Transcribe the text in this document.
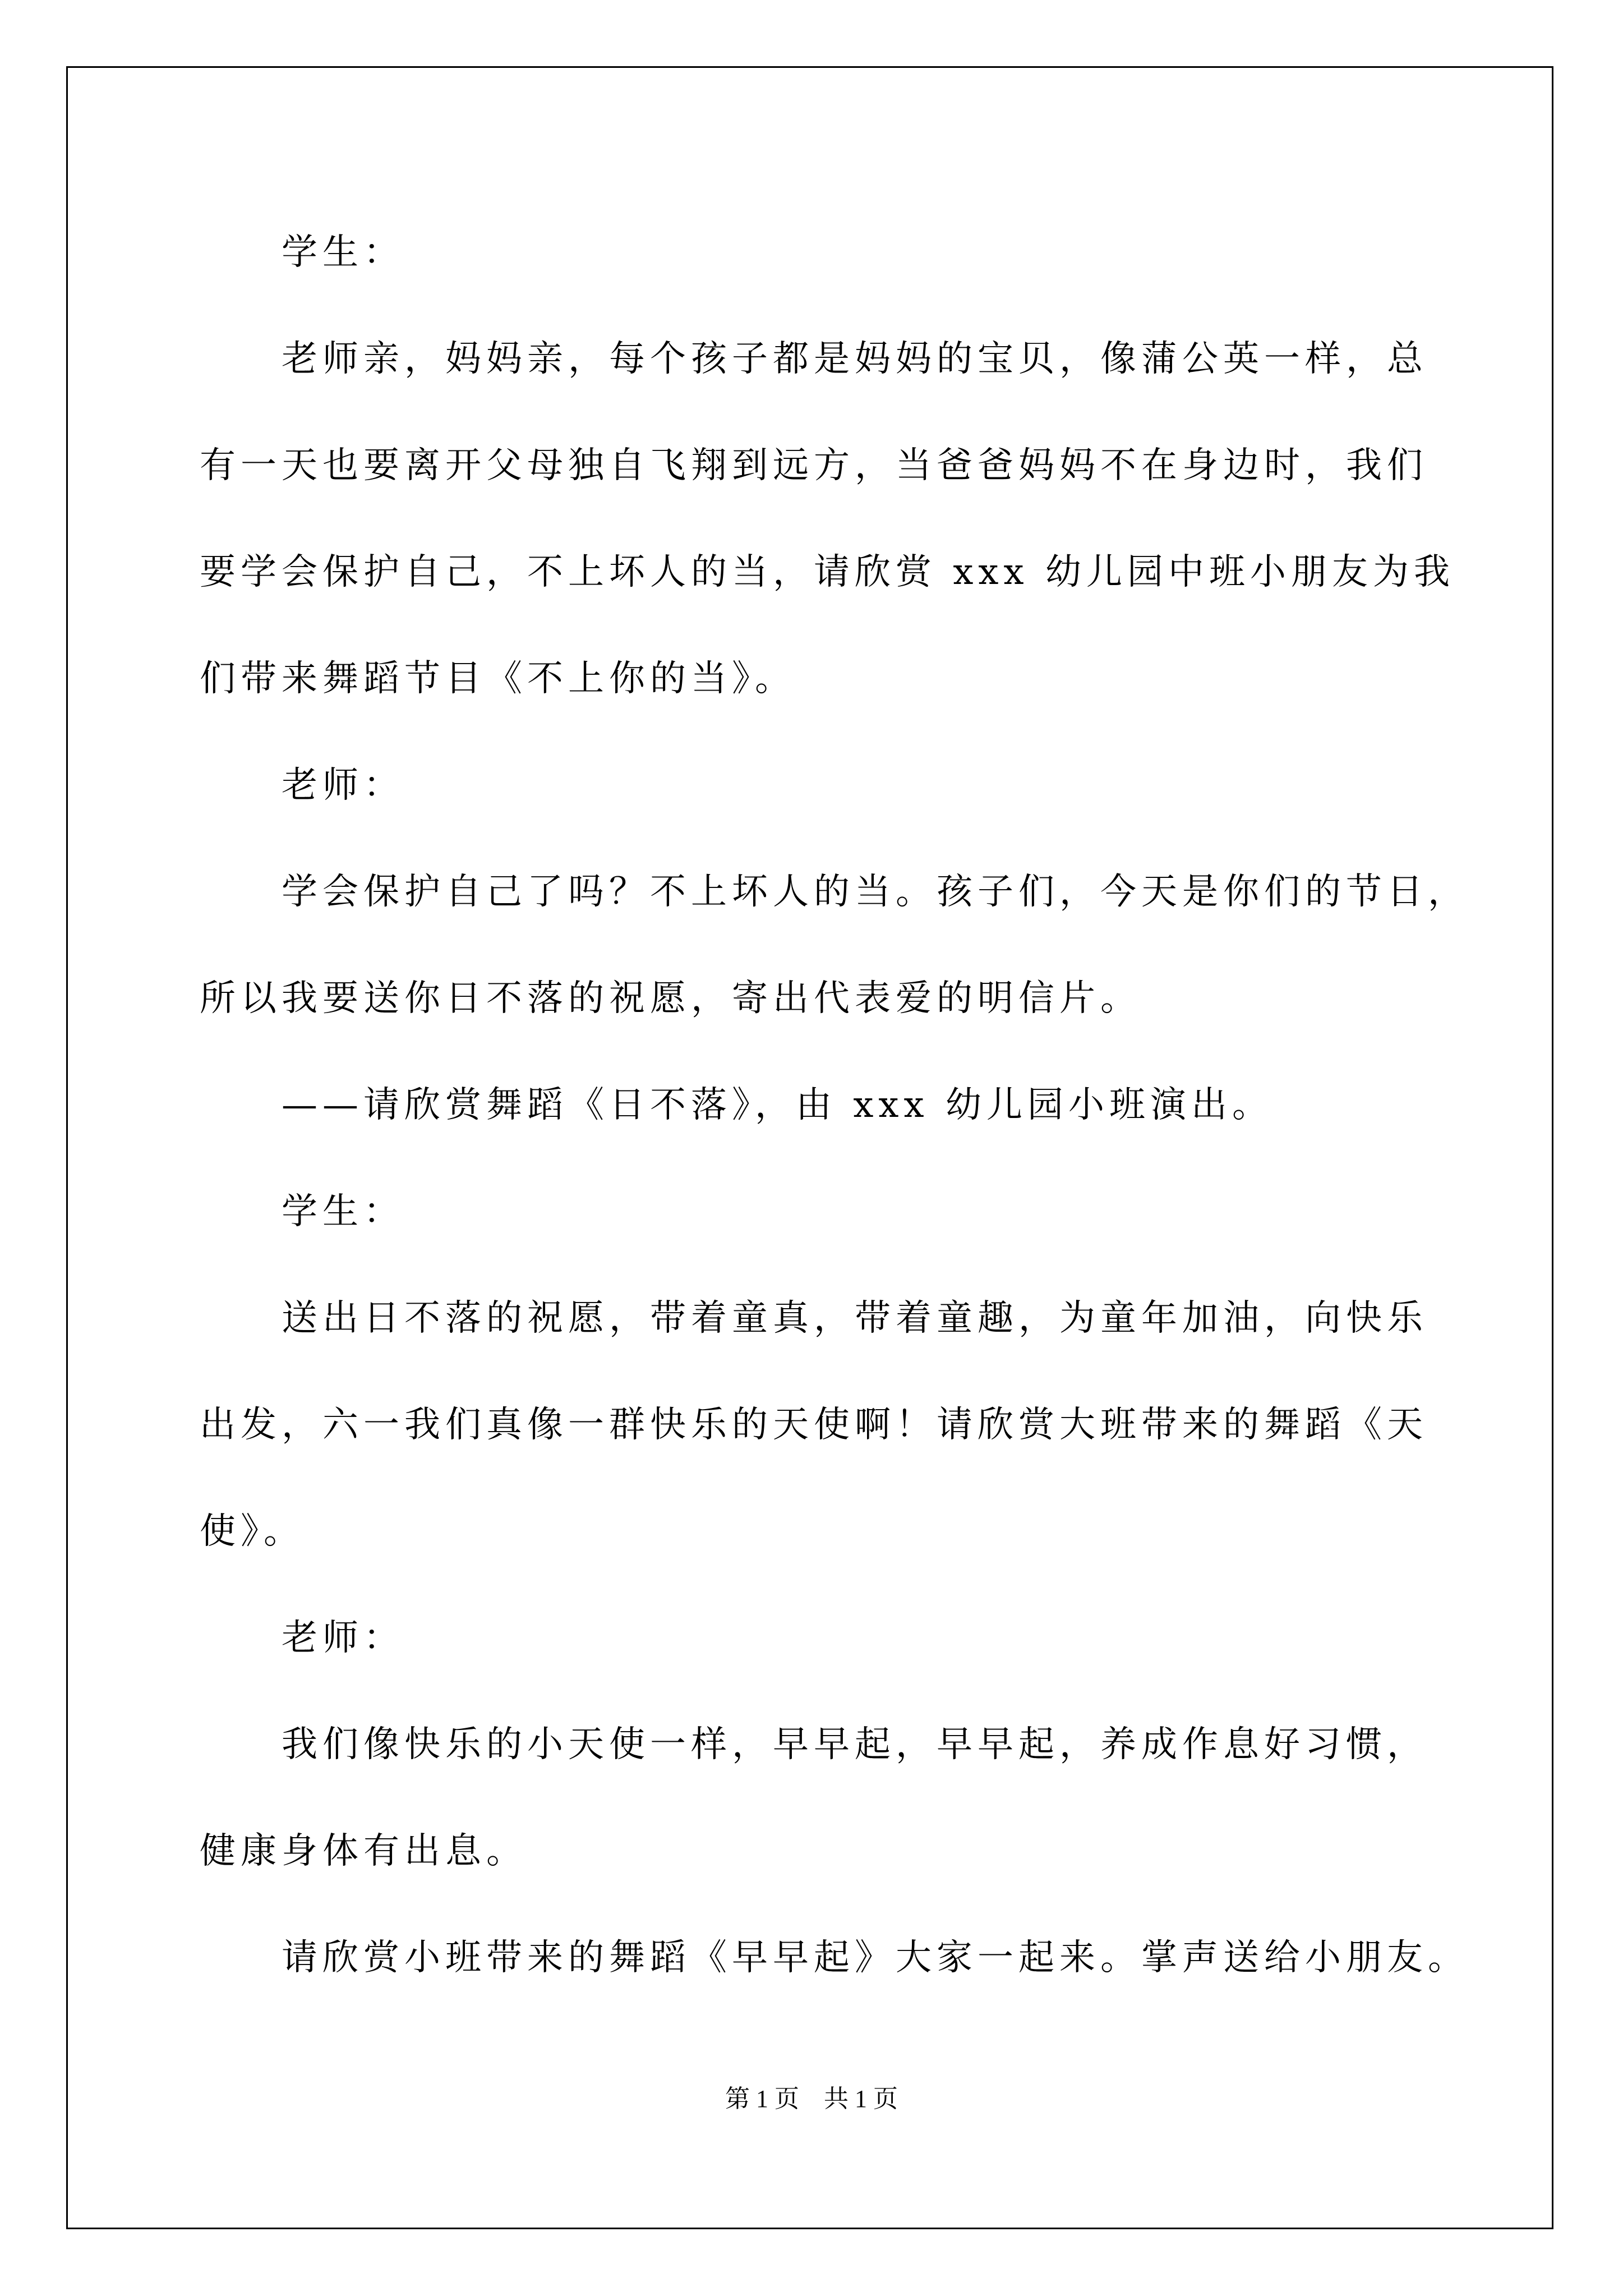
学生：
老师亲，妈妈亲，每个孩子都是妈妈的宝贝，像蒲公英一样，总
有一天也要离开父母独自飞翔到远方，当爸爸妈妈不在身边时，我们
要学会保护自己，不上坏人的当，请欣赏 xxx 幼儿园中班小朋友为我
们带来舞蹈节目《不上你的当》。
老师：
学会保护自己了吗？不上坏人的当。孩子们，今天是你们的节日，
所以我要送你日不落的祝愿，寄出代表爱的明信片。
——请欣赏舞蹈《日不落》，由 xxx 幼儿园小班演出。
学生：
送出日不落的祝愿，带着童真，带着童趣，为童年加油，向快乐
出发，六一我们真像一群快乐的天使啊！请欣赏大班带来的舞蹈《天
使》。
老师：
我们像快乐的小天使一样，早早起，早早起，养成作息好习惯，
健康身体有出息。
请欣赏小班带来的舞蹈《早早起》大家一起来。掌声送给小朋友。
第 1 页　共 1 页
